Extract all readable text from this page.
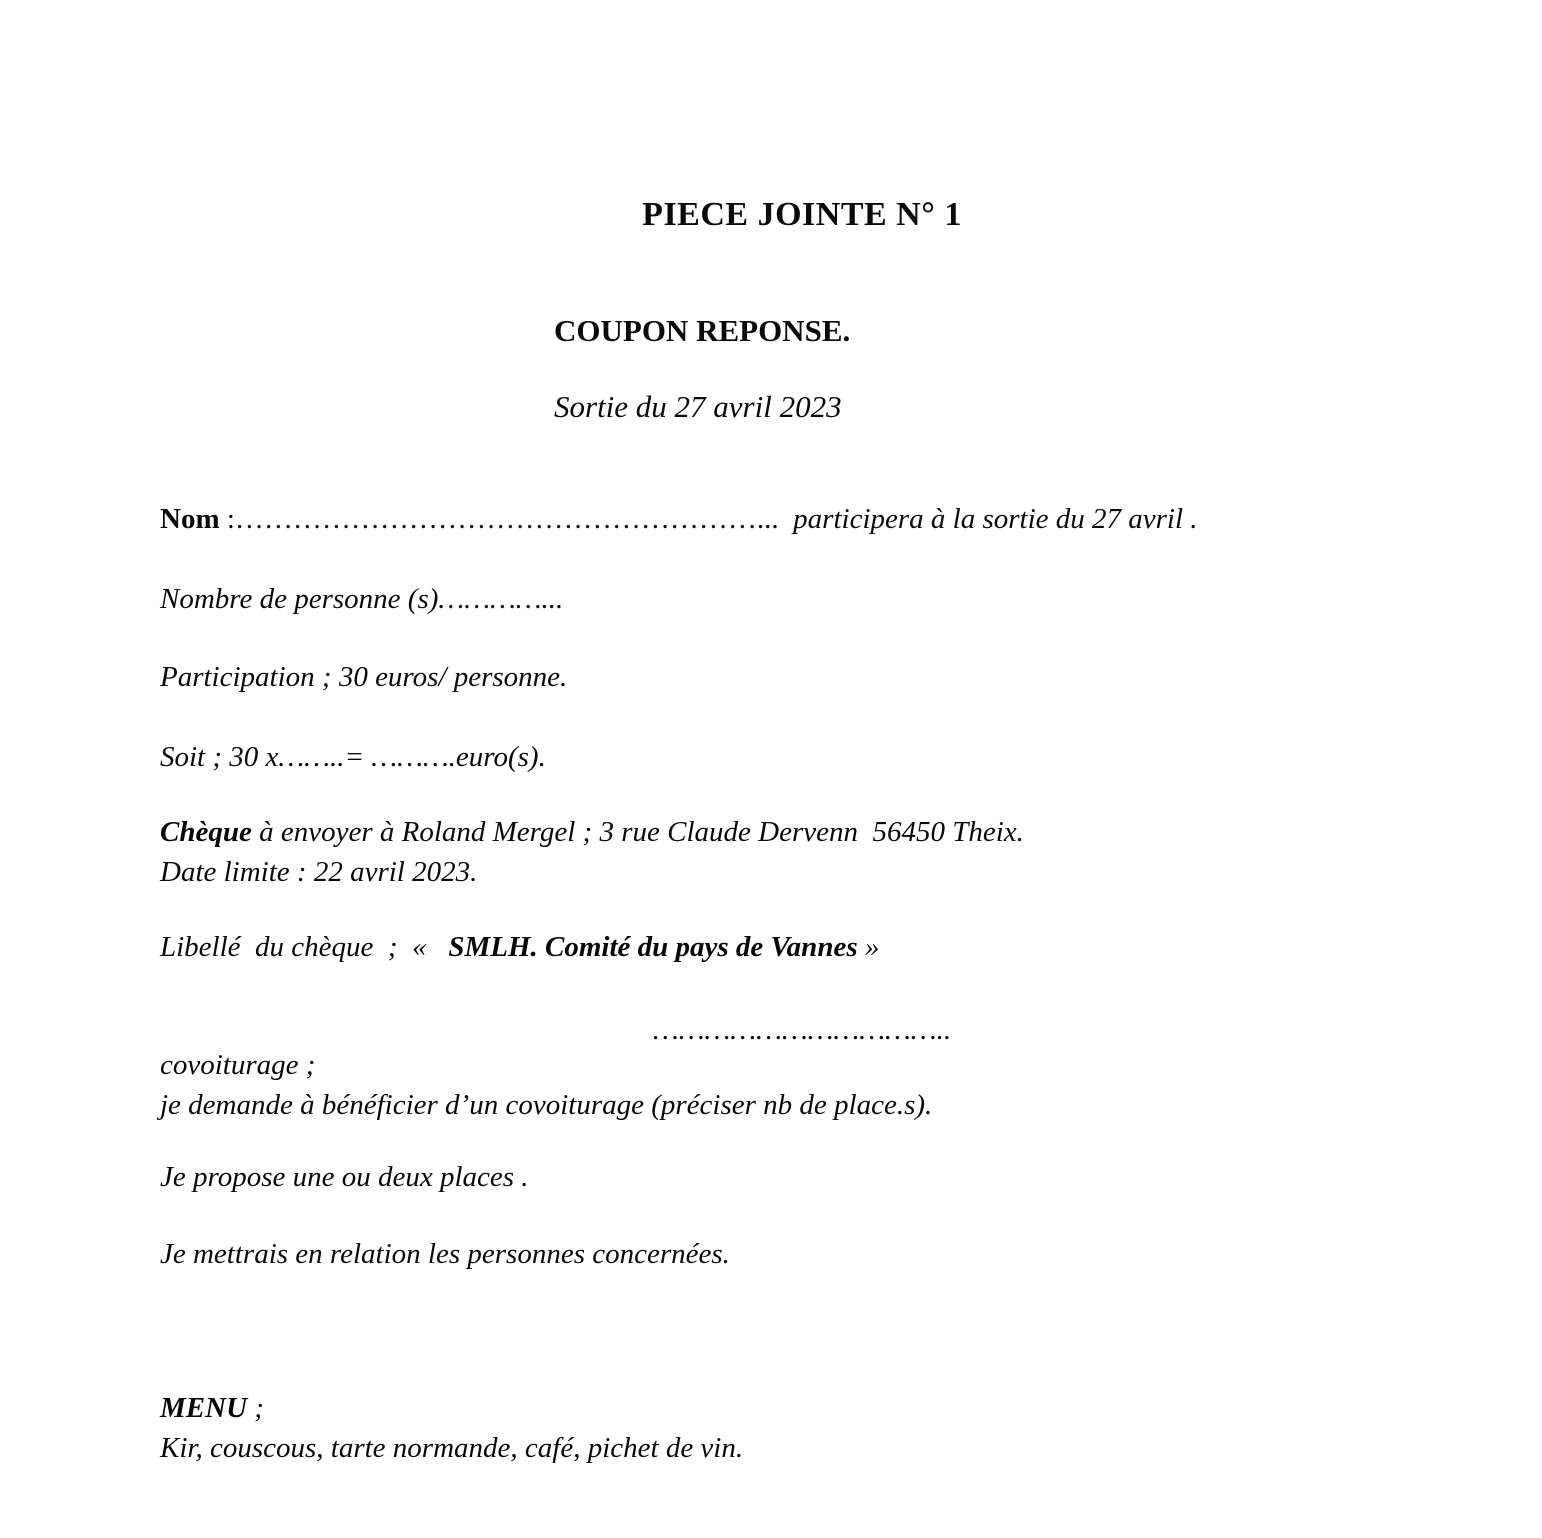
PIECE JOINTE N° 1
COUPON REPONSE.
Sortie du 27 avril 2023

Nom :………………………………………………...  participera à la sortie du 27 avril .

Nombre de personne (s)…………...

Participation ; 30 euros/ personne.

Soit ; 30 x……..= ……….euro(s).

Chèque à envoyer à Roland Mergel ; 3 rue Claude Dervenn  56450 Theix.
Date limite : 22 avril 2023.

Libellé  du chèque  ;  «   SMLH. Comité du pays de Vannes »

……………………………..

covoiturage ;
je demande à bénéficier d’un covoiturage (préciser nb de place.s).

Je propose une ou deux places .

Je mettrais en relation les personnes concernées.

MENU ;
Kir, couscous, tarte normande, café, pichet de vin.
